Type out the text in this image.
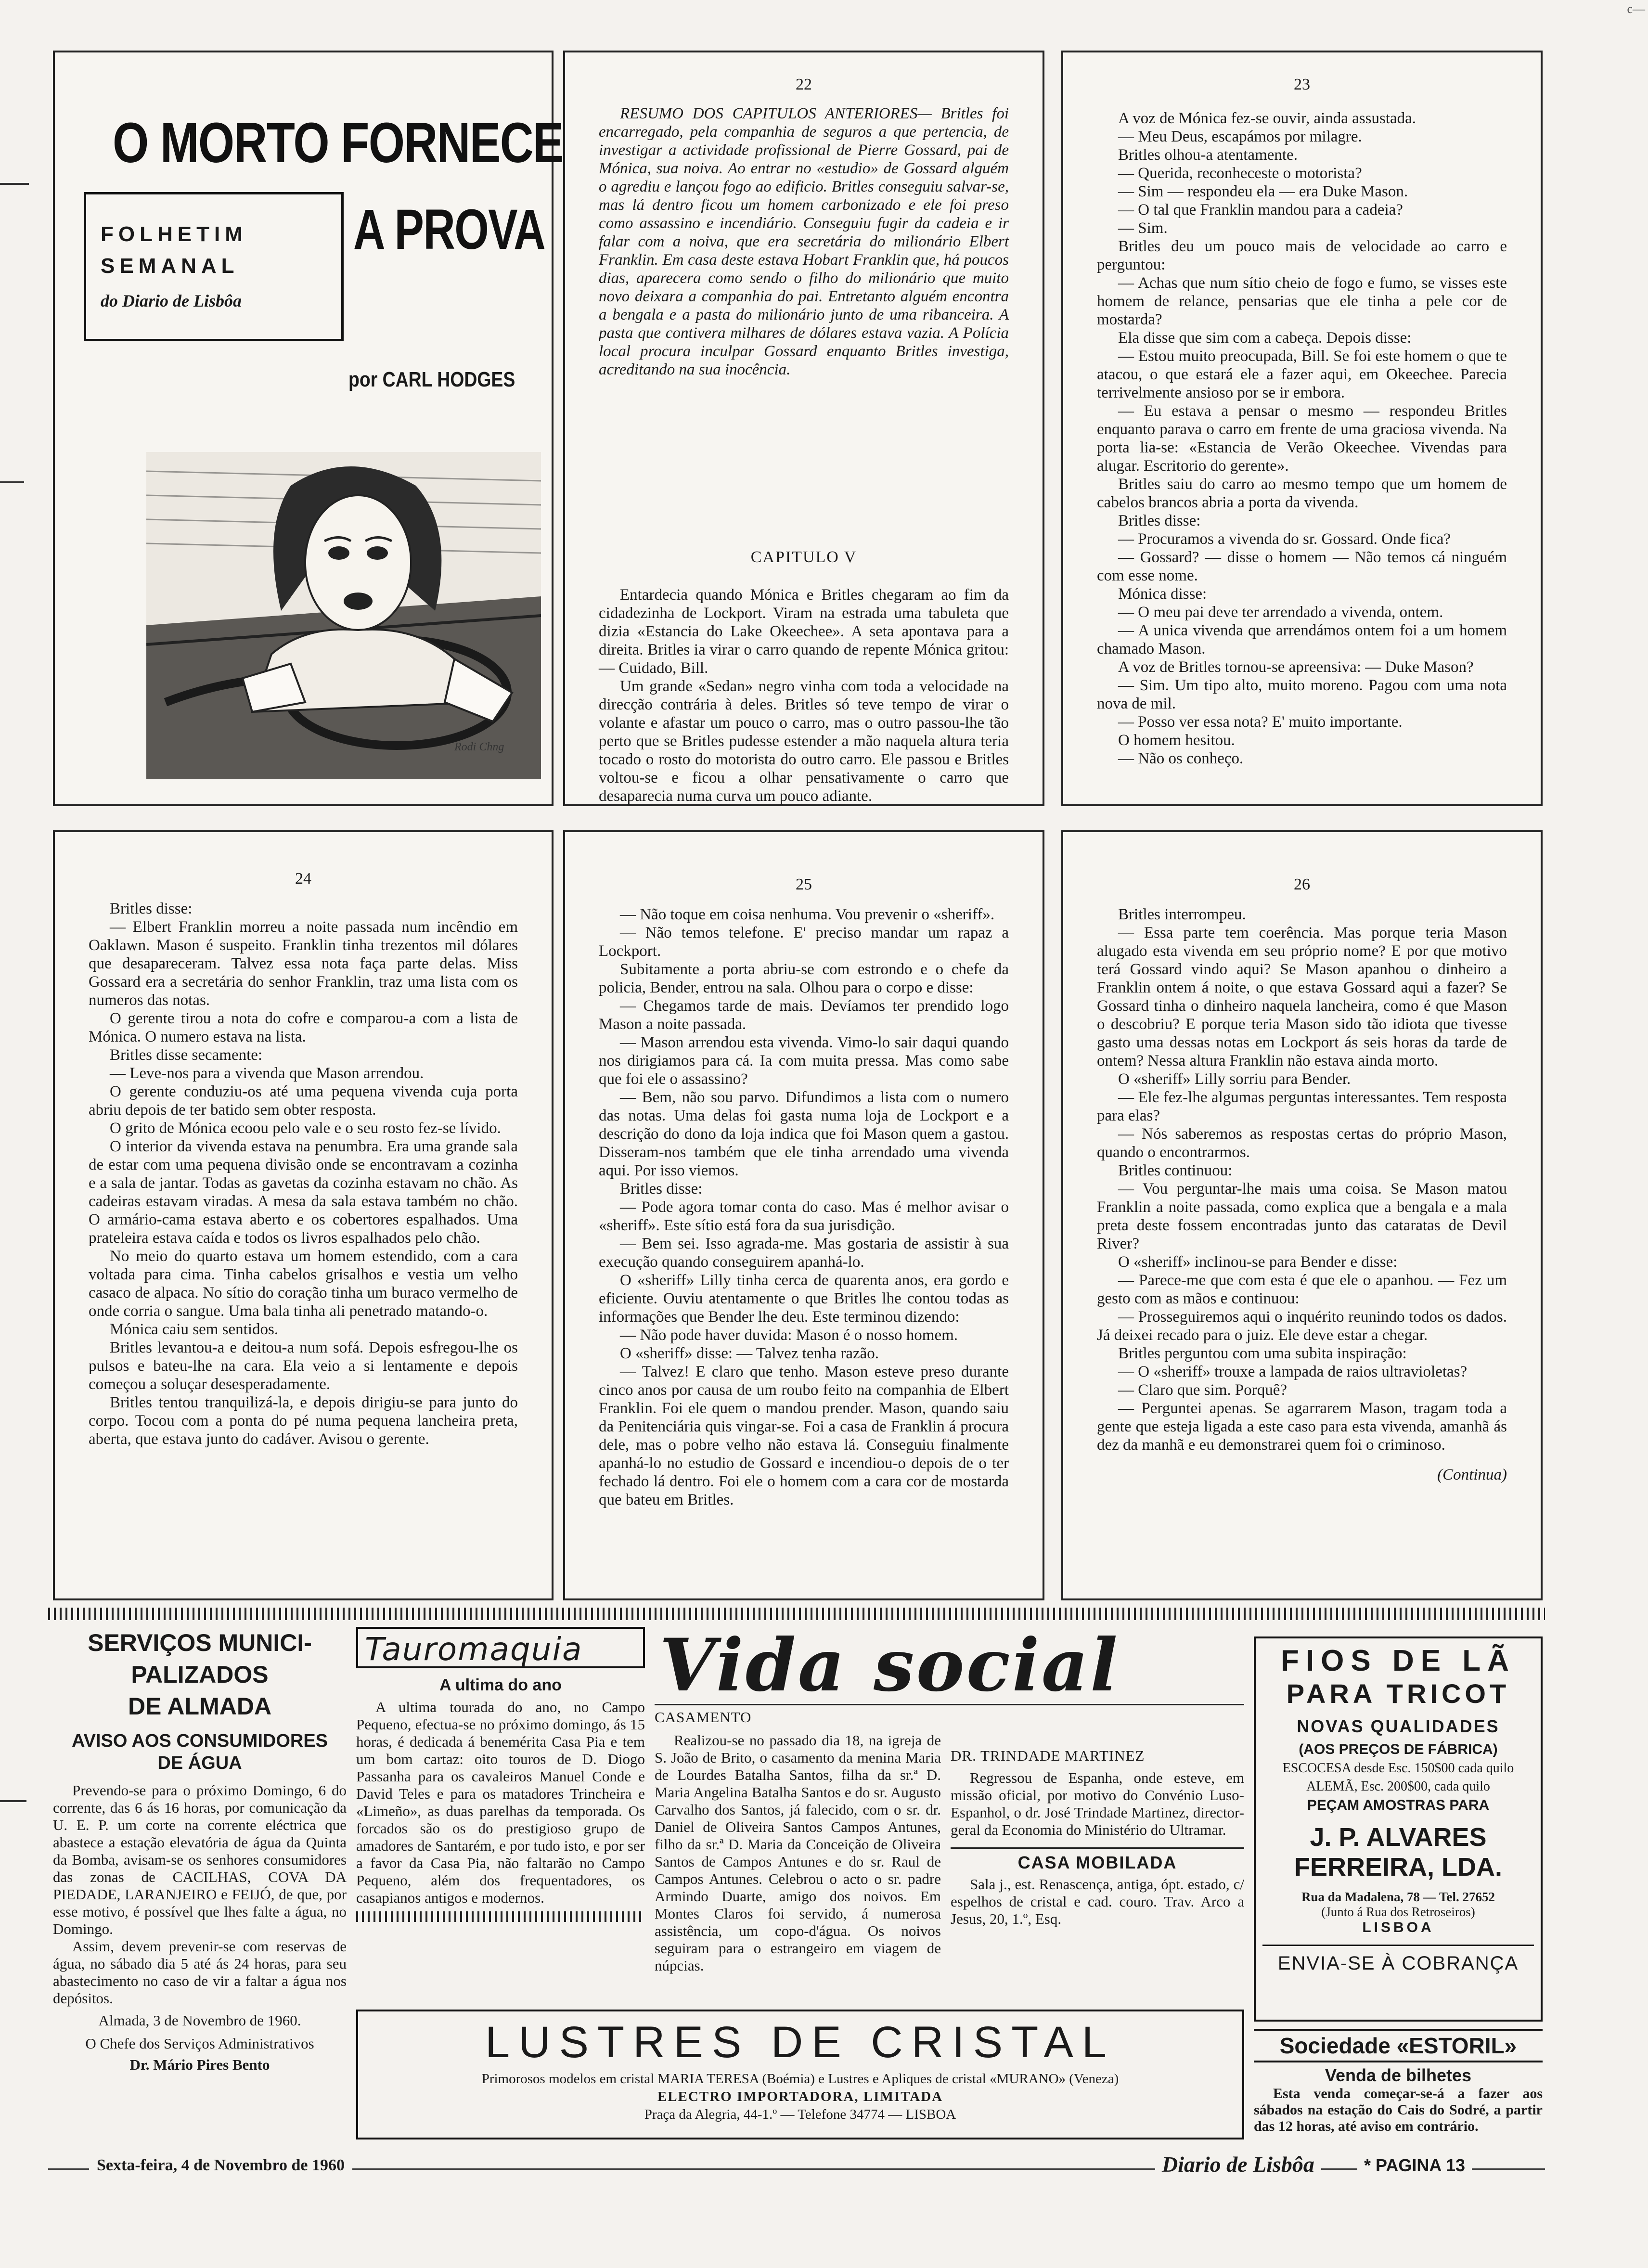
c—
O MORTO FORNECE
FOLHETIM
SEMANAL
do Diario de Lisbôa
A PROVA
por CARL HODGES
Rodi Chng
22
RESUMO DOS CAPITULOS ANTERIORES— Britles foi encarregado, pela companhia de seguros a que pertencia, de investigar a actividade profissional de Pierre Gossard, pai de Mónica, sua noiva. Ao entrar no «estudio» de Gossard alguém o agrediu e lançou fogo ao edificio. Britles conseguiu salvar-se, mas lá dentro ficou um homem carbonizado e ele foi preso como assassino e incendiário. Conseguiu fugir da cadeia e ir falar com a noiva, que era secretária do milionário Elbert Franklin. Em casa deste estava Hobart Franklin que, há poucos dias, aparecera como sendo o filho do milionário que muito novo deixara a companhia do pai. Entretanto alguém encontra a bengala e a pasta do milionário junto de uma ribanceira. A pasta que contivera milhares de dólares estava vazia. A Polícia local procura inculpar Gossard enquanto Britles investiga, acreditando na sua inocência.
CAPITULO V

Entardecia quando Mónica e Britles chegaram ao fim da cidadezinha de Lockport. Viram na estrada uma tabuleta que dizia «Estancia do Lake Okeechee». A seta apontava para a direita. Britles ia virar o carro quando de repente Mónica gritou: — Cuidado, Bill.

Um grande «Sedan» negro vinha com toda a velocidade na direcção contrária à deles. Britles só teve tempo de virar o volante e afastar um pouco o carro, mas o outro passou-lhe tão perto que se Britles pudesse estender a mão naquela altura teria tocado o rosto do motorista do outro carro. Ele passou e Britles voltou-se e ficou a olhar pensativamente o carro que desaparecia numa curva um pouco adiante.

23

A voz de Mónica fez-se ouvir, ainda assustada.

— Meu Deus, escapámos por milagre.

Britles olhou-a atentamente.

— Querida, reconheceste o motorista?

— Sim — respondeu ela — era Duke Mason.

— O tal que Franklin mandou para a cadeia?

— Sim.

Britles deu um pouco mais de velocidade ao carro e perguntou:

— Achas que num sítio cheio de fogo e fumo, se visses este homem de relance, pensarias que ele tinha a pele cor de mostarda?

Ela disse que sim com a cabeça. Depois disse:

— Estou muito preocupada, Bill. Se foi este homem o que te atacou, o que estará ele a fazer aqui, em Okeechee. Parecia terrivelmente ansioso por se ir embora.

— Eu estava a pensar o mesmo — respondeu Britles enquanto parava o carro em frente de uma graciosa vivenda. Na porta lia-se: «Estancia de Verão Okeechee. Vivendas para alugar. Escritorio do gerente».

Britles saiu do carro ao mesmo tempo que um homem de cabelos brancos abria a porta da vivenda.

Britles disse:

— Procuramos a vivenda do sr. Gossard. Onde fica?

— Gossard? — disse o homem — Não temos cá ninguém com esse nome.

Mónica disse:

— O meu pai deve ter arrendado a vivenda, ontem.

— A unica vivenda que arrendámos ontem foi a um homem chamado Mason.

A voz de Britles tornou-se apreensiva: — Duke Mason?

— Sim. Um tipo alto, muito moreno. Pagou com uma nota nova de mil.

— Posso ver essa nota? E' muito importante.

O homem hesitou.

— Não os conheço.

24

Britles disse:

— Elbert Franklin morreu a noite passada num incêndio em Oaklawn. Mason é suspeito. Franklin tinha trezentos mil dólares que desapareceram. Talvez essa nota faça parte delas. Miss Gossard era a secretária do senhor Franklin, traz uma lista com os numeros das notas.

O gerente tirou a nota do cofre e comparou-a com a lista de Mónica. O numero estava na lista.

Britles disse secamente:

— Leve-nos para a vivenda que Mason arrendou.

O gerente conduziu-os até uma pequena vivenda cuja porta abriu depois de ter batido sem obter resposta.

O grito de Mónica ecoou pelo vale e o seu rosto fez-se lívido.

O interior da vivenda estava na penumbra. Era uma grande sala de estar com uma pequena divisão onde se encontravam a cozinha e a sala de jantar. Todas as gavetas da cozinha estavam no chão. As cadeiras estavam viradas. A mesa da sala estava também no chão. O armário-cama estava aberto e os cobertores espalhados. Uma prateleira estava caída e todos os livros espalhados pelo chão.

No meio do quarto estava um homem estendido, com a cara voltada para cima. Tinha cabelos grisalhos e vestia um velho casaco de alpaca. No sítio do coração tinha um buraco vermelho de onde corria o sangue. Uma bala tinha ali penetrado matando-o.

Mónica caiu sem sentidos.

Britles levantou-a e deitou-a num sofá. Depois esfregou-lhe os pulsos e bateu-lhe na cara. Ela veio a si lentamente e depois começou a soluçar desesperadamente.

Britles tentou tranquilizá-la, e depois dirigiu-se para junto do corpo. Tocou com a ponta do pé numa pequena lancheira preta, aberta, que estava junto do cadáver. Avisou o gerente.

25

— Não toque em coisa nenhuma. Vou prevenir o «sheriff».

— Não temos telefone. E' preciso mandar um rapaz a Lockport.

Subitamente a porta abriu-se com estrondo e o chefe da policia, Bender, entrou na sala. Olhou para o corpo e disse:

— Chegamos tarde de mais. Devíamos ter prendido logo Mason a noite passada.

— Mason arrendou esta vivenda. Vimo-lo sair daqui quando nos dirigiamos para cá. Ia com muita pressa. Mas como sabe que foi ele o assassino?

— Bem, não sou parvo. Difundimos a lista com o numero das notas. Uma delas foi gasta numa loja de Lockport e a descrição do dono da loja indica que foi Mason quem a gastou. Disseram-nos também que ele tinha arrendado uma vivenda aqui. Por isso viemos.

Britles disse:

— Pode agora tomar conta do caso. Mas é melhor avisar o «sheriff». Este sítio está fora da sua jurisdição.

— Bem sei. Isso agrada-me. Mas gostaria de assistir à sua execução quando conseguirem apanhá-lo.

O «sheriff» Lilly tinha cerca de quarenta anos, era gordo e eficiente. Ouviu atentamente o que Britles lhe contou todas as informações que Bender lhe deu. Este terminou dizendo:

— Não pode haver duvida: Mason é o nosso homem.

O «sheriff» disse: — Talvez tenha razão.

— Talvez! E claro que tenho. Mason esteve preso durante cinco anos por causa de um roubo feito na companhia de Elbert Franklin. Foi ele quem o mandou prender. Mason, quando saiu da Penitenciária quis vingar-se. Foi a casa de Franklin á procura dele, mas o pobre velho não estava lá. Conseguiu finalmente apanhá-lo no estudio de Gossard e incendiou-o depois de o ter fechado lá dentro. Foi ele o homem com a cara cor de mostarda que bateu em Britles.

26

Britles interrompeu.

— Essa parte tem coerência. Mas porque teria Mason alugado esta vivenda em seu próprio nome? E por que motivo terá Gossard vindo aqui? Se Mason apanhou o dinheiro a Franklin ontem á noite, o que estava Gossard aqui a fazer? Se Gossard tinha o dinheiro naquela lancheira, como é que Mason o descobriu? E porque teria Mason sido tão idiota que tivesse gasto uma dessas notas em Lockport ás seis horas da tarde de ontem? Nessa altura Franklin não estava ainda morto.

O «sheriff» Lilly sorriu para Bender.

— Ele fez-lhe algumas perguntas interessantes. Tem resposta para elas?

— Nós saberemos as respostas certas do próprio Mason, quando o encontrarmos.

Britles continuou:

— Vou perguntar-lhe mais uma coisa. Se Mason matou Franklin a noite passada, como explica que a bengala e a mala preta deste fossem encontradas junto das cataratas de Devil River?

O «sheriff» inclinou-se para Bender e disse:

— Parece-me que com esta é que ele o apanhou. — Fez um gesto com as mãos e continuou:

— Prosseguiremos aqui o inquérito reunindo todos os dados. Já deixei recado para o juiz. Ele deve estar a chegar.

Britles perguntou com uma subita inspiração:

— O «sheriff» trouxe a lampada de raios ultravioletas?

— Claro que sim. Porquê?

— Perguntei apenas. Se agarrarem Mason, tragam toda a gente que esteja ligada a este caso para esta vivenda, amanhã ás dez da manhã e eu demonstrarei quem foi o criminoso.

(Continua)

SERVIÇOS MUNICI-
PALIZADOS
DE ALMADA
AVISO AOS CONSUMIDORES
DE ÁGUA

Prevendo-se para o próximo Domingo, 6 do corrente, das 6 ás 16 horas, por comunicação da U. E. P. um corte na corrente eléctrica que abastece a estação elevatória de água da Quinta da Bomba, avisam-se os senhores consumidores das zonas de CACILHAS, COVA DA PIEDADE, LARANJEIRO e FEIJÓ, de que, por esse motivo, é possível que lhes falte a água, no Domingo.

Assim, devem prevenir-se com reservas de água, no sábado dia 5 até ás 24 horas, para seu abastecimento no caso de vir a faltar a água nos depósitos.

Almada, 3 de Novembro de 1960.
O Chefe dos Serviços Administrativos
Dr. Mário Pires Bento
Tauromaquia
A ultima do ano

A ultima tourada do ano, no Campo Pequeno, efectua-se no próximo domingo, ás 15 horas, é dedicada á benemérita Casa Pia e tem um bom cartaz: oito touros de D. Diogo Passanha para os cavaleiros Manuel Conde e David Teles e para os matadores Trincheira e «Limeño», as duas parelhas da temporada. Os forcados são os do prestigioso grupo de amadores de Santarém, e por tudo isto, e por ser a favor da Casa Pia, não faltarão no Campo Pequeno, além dos frequentadores, os casapianos antigos e modernos.

Vida social
CASAMENTO

Realizou-se no passado dia 18, na igreja de S. João de Brito, o casamento da menina Maria de Lourdes Batalha Santos, filha da sr.ª D. Maria Angelina Batalha Santos e do sr. Augusto Carvalho dos Santos, já falecido, com o sr. dr. Daniel de Oliveira Santos Campos Antunes, filho da sr.ª D. Maria da Conceição de Oliveira Santos de Campos Antunes e do sr. Raul de Campos Antunes. Celebrou o acto o sr. padre Armindo Duarte, amigo dos noivos. Em Montes Claros foi servido, á numerosa assistência, um copo-d'água. Os noivos seguiram para o estrangeiro em viagem de núpcias.

DR. TRINDADE MARTINEZ

Regressou de Espanha, onde esteve, em missão oficial, por motivo do Convénio Luso-Espanhol, o dr. José Trindade Martinez, director-geral da Economia do Ministério do Ultramar.

CASA MOBILADA

Sala j., est. Renascença, antiga, ópt. estado, c/ espelhos de cristal e cad. couro. Trav. Arco a Jesus, 20, 1.º, Esq.

FIOS DE LÃ
PARA TRICOT
NOVAS QUALIDADES
(AOS PREÇOS DE FÁBRICA)
ESCOCESA desde Esc. 150$00 cada quilo
ALEMÃ, Esc. 200$00, cada quilo
PEÇAM AMOSTRAS PARA
J. P. ALVARES
FERREIRA, LDA.
Rua da Madalena, 78 — Tel. 27652
(Junto á Rua dos Retroseiros)
LISBOA
ENVIA-SE À COBRANÇA
LUSTRES DE CRISTAL
Primorosos modelos em cristal MARIA TERESA (Boémia) e Lustres e Apliques de cristal «MURANO» (Veneza)
ELECTRO IMPORTADORA, LIMITADA
Praça da Alegria, 44-1.º — Telefone 34774 — LISBOA
Sociedade «ESTORIL»
Venda de bilhetes

Esta venda começar-se-á a fazer aos sábados na estação do Cais do Sodré, a partir das 12 horas, até aviso em contrário.

Sexta-feira, 4 de Novembro de 1960	Diario de Lisbôa	* PAGINA 13
